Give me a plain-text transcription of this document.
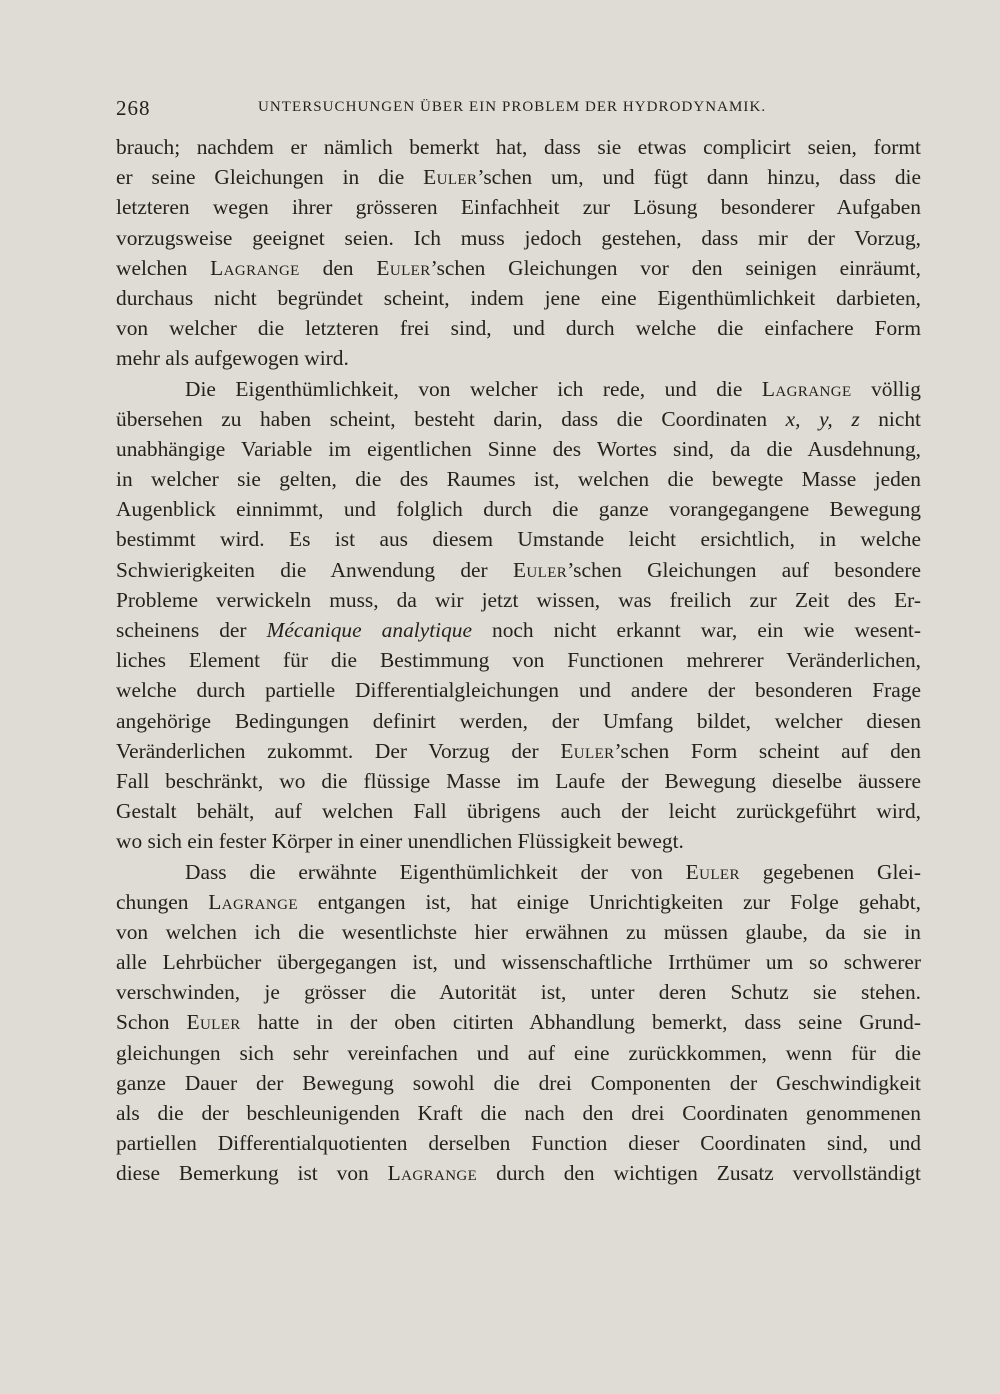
268	UNTERSUCHUNGEN ÜBER EIN PROBLEM DER HYDRODYNAMIK.
brauch; nachdem er nämlich bemerkt hat, dass sie etwas complicirt seien, formt
er seine Gleichungen in die Euler’schen um, und fügt dann hinzu, dass die
letzteren wegen ihrer grösseren Einfachheit zur Lösung besonderer Aufgaben
vorzugsweise geeignet seien. Ich muss jedoch gestehen, dass mir der Vorzug,
welchen Lagrange den Euler’schen Gleichungen vor den seinigen einräumt,
durchaus nicht begründet scheint, indem jene eine Eigenthümlichkeit darbieten,
von welcher die letzteren frei sind, und durch welche die einfachere Form
mehr als aufgewogen wird.
Die Eigenthümlichkeit, von welcher ich rede, und die Lagrange völlig
übersehen zu haben scheint, besteht darin, dass die Coordinaten x, y, z nicht
unabhängige Variable im eigentlichen Sinne des Wortes sind, da die Ausdehnung,
in welcher sie gelten, die des Raumes ist, welchen die bewegte Masse jeden
Augenblick einnimmt, und folglich durch die ganze vorangegangene Bewegung
bestimmt wird. Es ist aus diesem Umstande leicht ersichtlich, in welche
Schwierigkeiten die Anwendung der Euler’schen Gleichungen auf besondere
Probleme verwickeln muss, da wir jetzt wissen, was freilich zur Zeit des Er-
scheinens der Mécanique analytique noch nicht erkannt war, ein wie wesent-
liches Element für die Bestimmung von Functionen mehrerer Veränderlichen,
welche durch partielle Differentialgleichungen und andere der besonderen Frage
angehörige Bedingungen definirt werden, der Umfang bildet, welcher diesen
Veränderlichen zukommt. Der Vorzug der Euler’schen Form scheint auf den
Fall beschränkt, wo die flüssige Masse im Laufe der Bewegung dieselbe äussere
Gestalt behält, auf welchen Fall übrigens auch der leicht zurückgeführt wird,
wo sich ein fester Körper in einer unendlichen Flüssigkeit bewegt.
Dass die erwähnte Eigenthümlichkeit der von Euler gegebenen Glei-
chungen Lagrange entgangen ist, hat einige Unrichtigkeiten zur Folge gehabt,
von welchen ich die wesentlichste hier erwähnen zu müssen glaube, da sie in
alle Lehrbücher übergegangen ist, und wissenschaftliche Irrthümer um so schwerer
verschwinden, je grösser die Autorität ist, unter deren Schutz sie stehen.
Schon Euler hatte in der oben citirten Abhandlung bemerkt, dass seine Grund-
gleichungen sich sehr vereinfachen und auf eine zurückkommen, wenn für die
ganze Dauer der Bewegung sowohl die drei Componenten der Geschwindigkeit
als die der beschleunigenden Kraft die nach den drei Coordinaten genommenen
partiellen Differentialquotienten derselben Function dieser Coordinaten sind, und
diese Bemerkung ist von Lagrange durch den wichtigen Zusatz vervollständigt
